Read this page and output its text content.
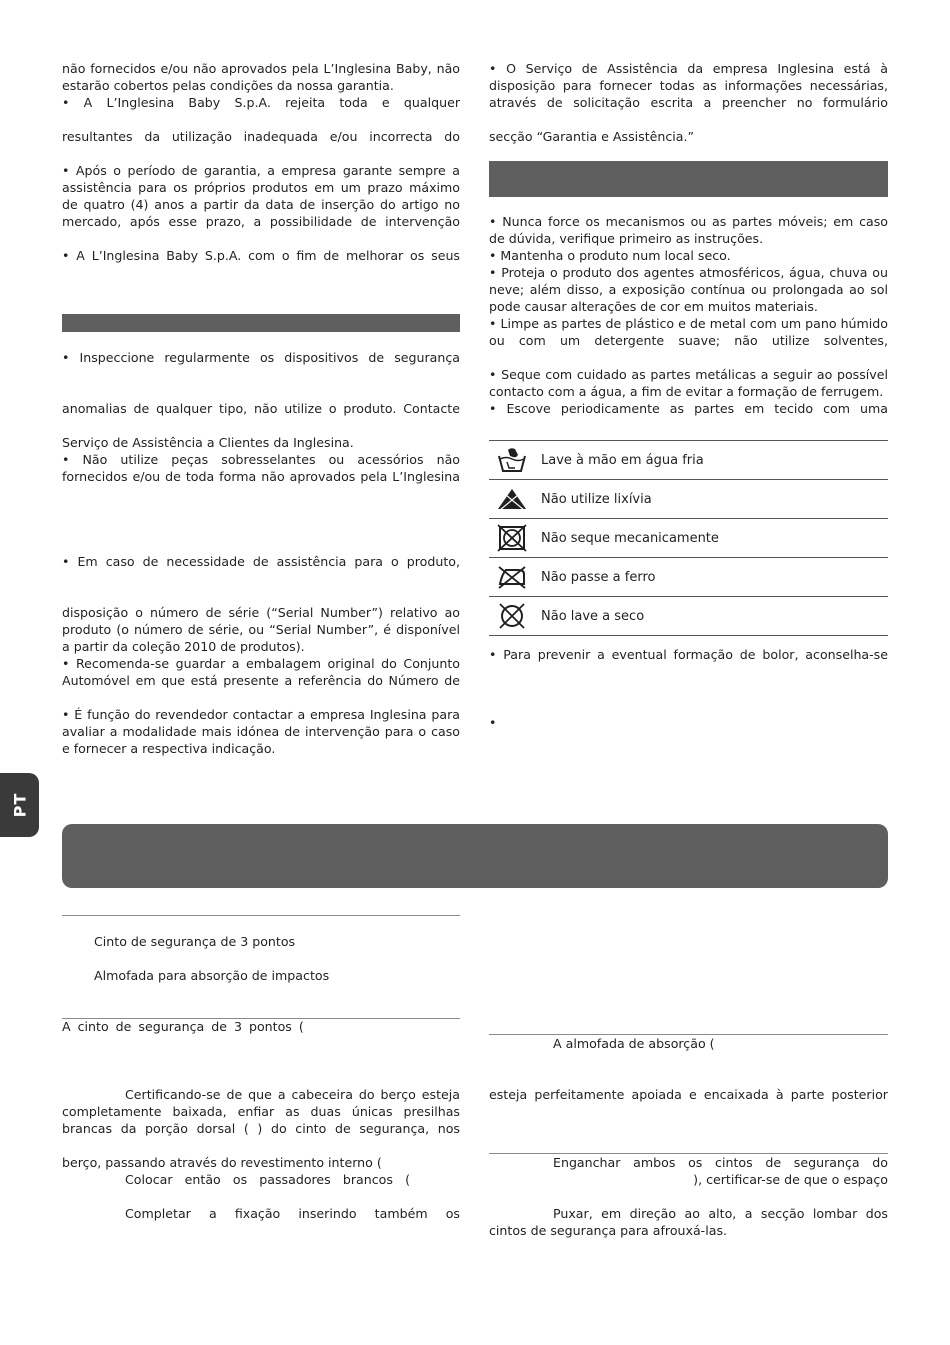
não fornecidos e/ou não aprovados pela L’Inglesina Baby, não estarão cobertos pelas condições da nossa garantia.

• A L’Inglesina Baby S.p.A. rejeita toda e qualquer

resultantes da utilização inadequada e/ou incorrecta do

• Após o período de garantia, a empresa garante sempre a assistência para os próprios produtos em um prazo máximo de quatro (4) anos a partir da data de inserção do artigo no mercado, após esse prazo, a possibilidade de intervenção

• A L’Inglesina Baby S.p.A. com o fim de melhorar os seus

• Inspeccione regularmente os dispositivos de segurança

anomalias de qualquer tipo, não utilize o produto. Contacte

Serviço de Assistência a Clientes da Inglesina.

• Não utilize peças sobresselantes ou acessórios não fornecidos e/ou de toda forma não aprovados pela L’Inglesina

• Em caso de necessidade de assistência para o produto,

disposição o número de série (“Serial Number”) relativo ao produto (o número de série, ou “Serial Number”, é disponível a partir da coleção 2010 de produtos).

• Recomenda-se guardar a embalagem original do Conjunto Automóvel em que está presente a referência do Número de

• É função do revendedor contactar a empresa Inglesina para avaliar a modalidade mais idónea de intervenção para o caso e fornecer a respectiva indicação.

• O Serviço de Assistência da empresa Inglesina está à disposição para fornecer todas as informações necessárias, através de solicitação escrita a preencher no formulário

secção “Garantia e Assistência.”

• Nunca force os mecanismos ou as partes móveis; em caso de dúvida, verifique primeiro as instruções.

• Mantenha o produto num local seco.

• Proteja o produto dos agentes atmosféricos, água, chuva ou neve; além disso, a exposição contínua ou prolongada ao sol pode causar alterações de cor em muitos materiais.

• Limpe as partes de plástico e de metal com um pano húmido ou com um detergente suave; não utilize solventes,

• Seque com cuidado as partes metálicas a seguir ao possível contacto com a água, a fim de evitar a formação de ferrugem.

• Escove periodicamente as partes em tecido com uma

Lave à mão em água fria
Não utilize lixívia
Não seque mecanicamente
Não passe a ferro
Não lave a seco

• Para prevenir a eventual formação de bolor, aconselha-se

•

PT
Cinto de segurança de 3 pontos
Almofada para absorção de impactos
A cinto de segurança de 3 pontos (

Certificando-se de que a cabeceira do berço esteja completamente baixada, enfiar as duas únicas presilhas brancas da porção dorsal ( ) do cinto de segurança, nos

berço, passando através do revestimento interno (

Colocar então os passadores brancos (

Completar a fixação inserindo também os

A almofada de absorção (

esteja perfeitamente apoiada e encaixada à parte posterior

Enganchar ambos os cintos de segurança do

), certificar-se de que o espaço

Puxar, em direção ao alto, a secção lombar dos cintos de segurança para afrouxá-las.
